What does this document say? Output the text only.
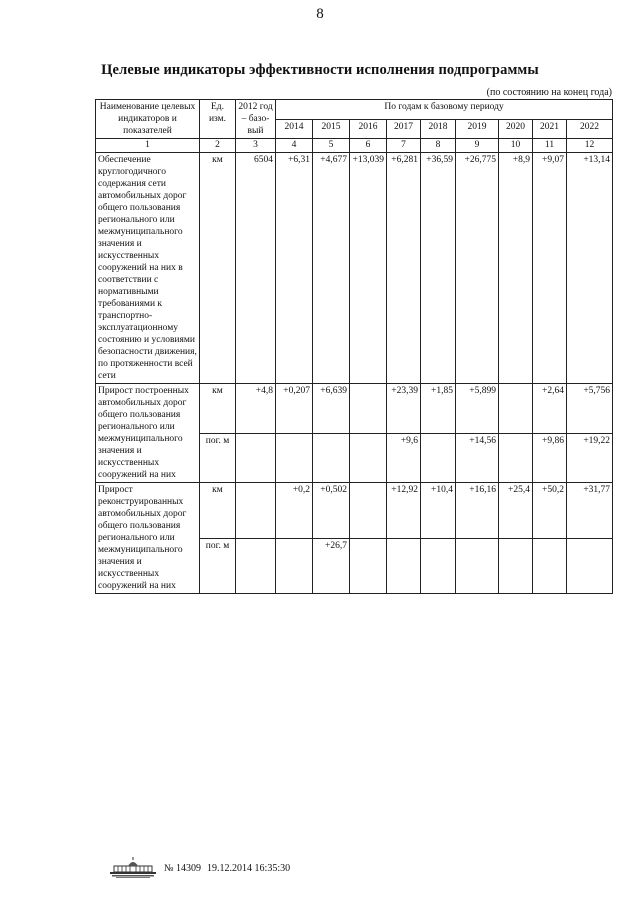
8
Целевые индикаторы эффективности исполнения подпрограммы
(по состоянию на конец года)
Наименование целевых индикаторов и показателей	Ед. изм.	2012 год – базо-вый	По годам к базовому периоду								
			2014	2015	2016	2017	2018	2019	2020	2021	2022
1	2	3	4	5	6	7	8	9	10	11	12
Обеспечение круглогодичного содержания сети автомобильных дорог общего пользования регионального или межмуниципального значения и искусственных сооружений на них в соответствии с нормативными требованиями к транспортно-эксплуатационному состоянию и условиями безопасности движения, по протяженности всей сети	км	6504	+6,31	+4,677	+13,039	+6,281	+36,59	+26,775	+8,9	+9,07	+13,14
Прирост построенных автомобильных дорог общего пользования регионального или межмуниципального значения и искусственных сооружений на них	км	+4,8	+0,207	+6,639		+23,39	+1,85	+5,899		+2,64	+5,756
	пог. м					+9,6		+14,56		+9,86	+19,22
Прирост реконструированных автомобильных дорог общего пользования регионального или межмуниципального значения и искусственных сооружений на них	км		+0,2	+0,502		+12,92	+10,4	+16,16	+25,4	+50,2	+31,77
	пог. м			+26,7							
№ 14309 19.12.2014 16:35:30
